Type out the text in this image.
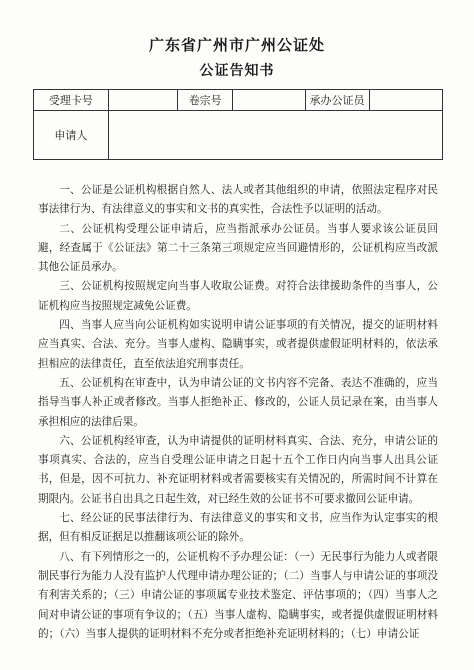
广东省广州市广州公证处
公证告知书
受理卡号		卷宗号		承办公证员	
申请人					

一、公证是公证机构根据自然人、法人或者其他组织的申请，依照法定程序对民事法律行为、有法律意义的事实和文书的真实性，合法性予以证明的活动。

二、公证机构受理公证申请后，应当指派承办公证员。当事人要求该公证员回避，经查属于《公证法》第二十三条第三项规定应当回避情形的，公证机构应当改派其他公证员承办。

三、公证机构按照规定向当事人收取公证费。对符合法律援助条件的当事人，公证机构应当按照规定减免公证费。

四、当事人应当向公证机构如实说明申请公证事项的有关情况，提交的证明材料应当真实、合法、充分。当事人虚构、隐瞒事实，或者提供虚假证明材料的，依法承担相应的法律责任，直至依法追究刑事责任。

五、公证机构在审查中，认为申请公证的文书内容不完备、表达不准确的，应当指导当事人补正或者修改。当事人拒绝补正、修改的，公证人员记录在案，由当事人承担相应的法律后果。

六、公证机构经审查，认为申请提供的证明材料真实、合法、充分，申请公证的事项真实、合法的，应当自受理公证申请之日起十五个工作日内向当事人出具公证书，但是，因不可抗力、补充证明材料或者需要核实有关情况的，所需时间不计算在期限内。公证书自出具之日起生效，对已经生效的公证书不可要求撤回公证申请。

七、经公证的民事法律行为、有法律意义的事实和文书，应当作为认定事实的根据，但有相反证据足以推翻该项公证的除外。

八、有下列情形之一的，公证机构不予办理公证：（一）无民事行为能力人或者限制民事行为能力人没有监护人代理申请办理公证的；（二）当事人与申请公证的事项没有利害关系的；（三）申请公证的事项属专业技术鉴定、评估事项的；（四）当事人之间对申请公证的事项有争议的；（五）当事人虚构、隐瞒事实，或者提供虚假证明材料的；（六）当事人提供的证明材料不充分或者拒绝补充证明材料的；（七）申请公证
